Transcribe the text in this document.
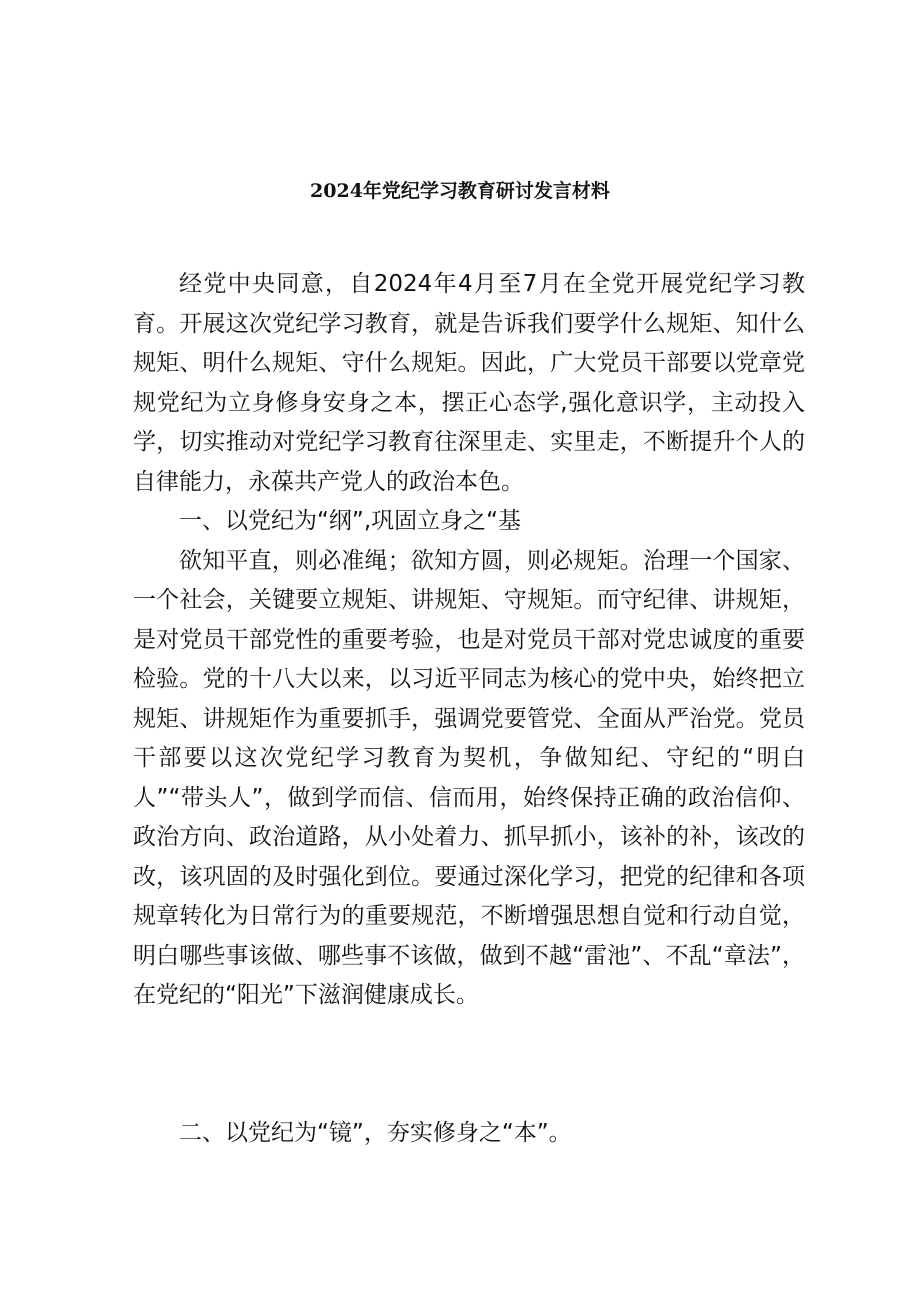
2024年党纪学习教育研讨发言材料

经党中央同意，自2024年4月至7月在全党开展党纪学习教育。开展这次党纪学习教育，就是告诉我们要学什么规矩、知什么规矩、明什么规矩、守什么规矩。因此，广大党员干部要以党章党规党纪为立身修身安身之本，摆正心态学,强化意识学，主动投入学，切实推动对党纪学习教育往深里走、实里走，不断提升个人的自律能力，永葆共产党人的政治本色。

一、以党纪为“纲”,巩固立身之“基

欲知平直，则必准绳；欲知方圆，则必规矩。治理一个国家、一个社会，关键要立规矩、讲规矩、守规矩。而守纪律、讲规矩，是对党员干部党性的重要考验，也是对党员干部对党忠诚度的重要检验。党的十八大以来，以习近平同志为核心的党中央，始终把立规矩、讲规矩作为重要抓手，强调党要管党、全面从严治党。党员干部要以这次党纪学习教育为契机，争做知纪、守纪的“明白人”“带头人”，做到学而信、信而用，始终保持正确的政治信仰、政治方向、政治道路，从小处着力、抓早抓小，该补的补，该改的改，该巩固的及时强化到位。要通过深化学习，把党的纪律和各项规章转化为日常行为的重要规范，不断增强思想自觉和行动自觉，明白哪些事该做、哪些事不该做，做到不越“雷池”、不乱“章法”，在党纪的“阳光”下滋润健康成长。

二、以党纪为“镜”，夯实修身之“本”。
